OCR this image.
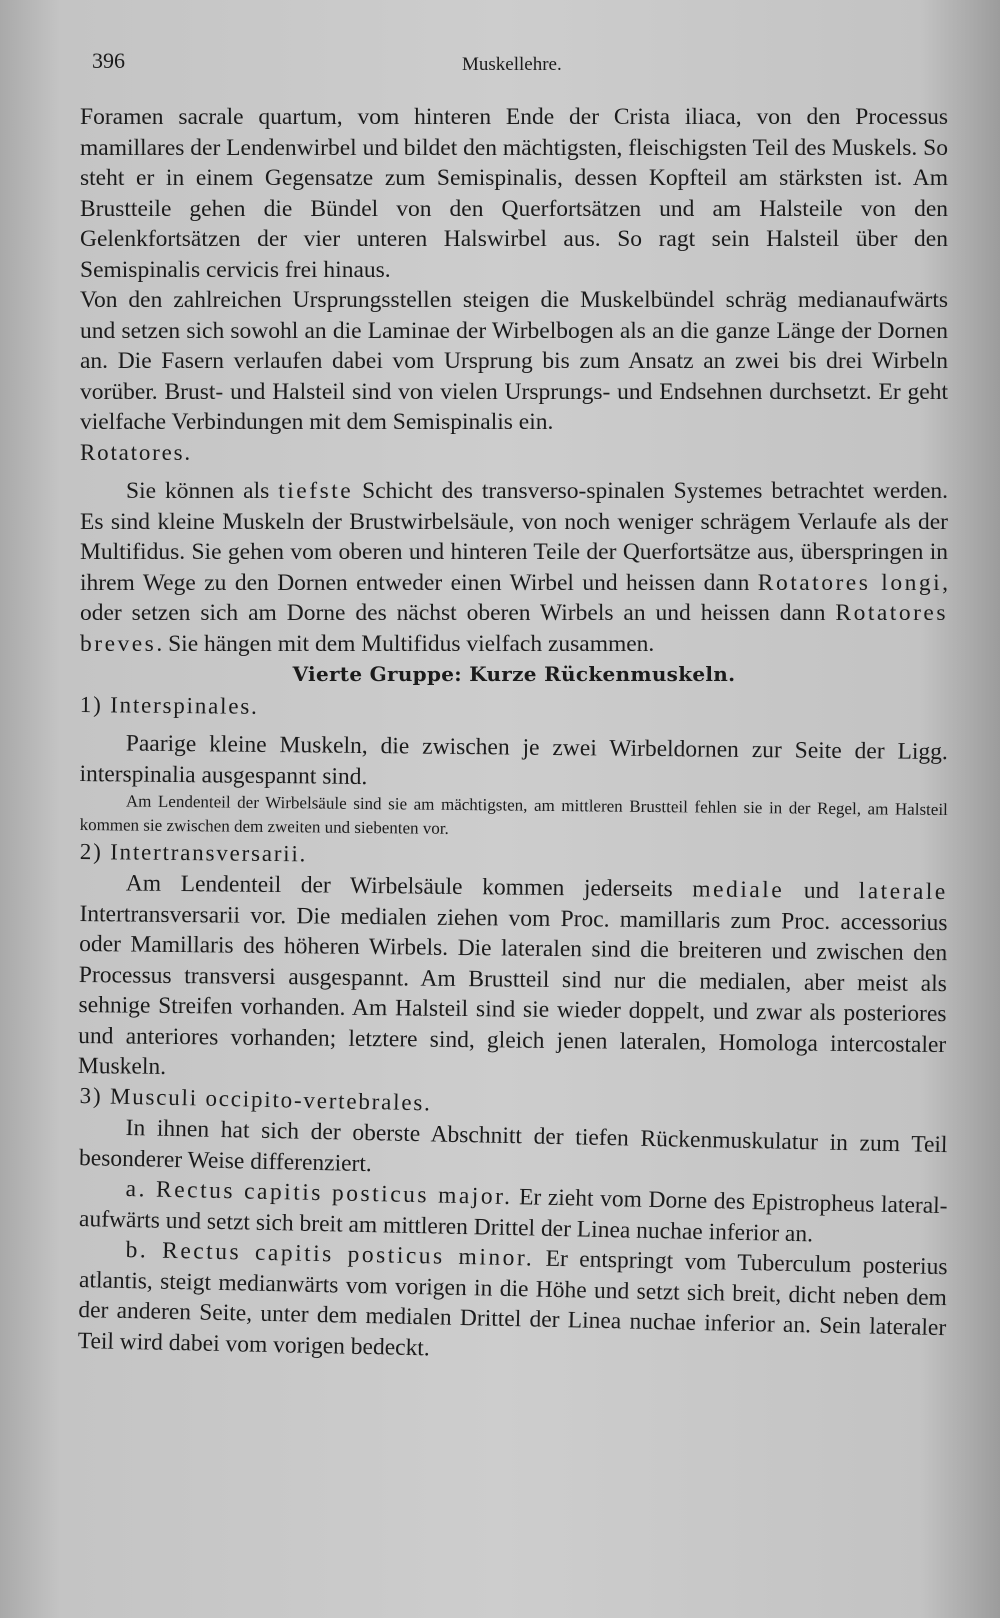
396	Muskellehre.

Foramen sacrale quartum, vom hinteren Ende der Crista iliaca, von den Processus mamillares der Lendenwirbel und bildet den mächtigsten, fleischigsten Teil des Muskels. So steht er in einem Gegensatze zum Semispinalis, dessen Kopfteil am stärksten ist. Am Brustteile gehen die Bündel von den Querfortsätzen und am Halsteile von den Gelenkfortsätzen der vier unteren Halswirbel aus. So ragt sein Halsteil über den Semispinalis cervicis frei hinaus.

Von den zahlreichen Ursprungsstellen steigen die Muskelbündel schräg medianaufwärts und setzen sich sowohl an die Laminae der Wirbelbogen als an die ganze Länge der Dornen an. Die Fasern verlaufen dabei vom Ursprung bis zum Ansatz an zwei bis drei Wirbeln vorüber. Brust- und Halsteil sind von vielen Ursprungs- und Endsehnen durchsetzt. Er geht vielfache Verbindungen mit dem Semispinalis ein.

Rotatores.

Sie können als tiefste Schicht des transverso-spinalen Systemes betrachtet werden. Es sind kleine Muskeln der Brustwirbelsäule, von noch weniger schrägem Verlaufe als der Multifidus. Sie gehen vom oberen und hinteren Teile der Querfortsätze aus, überspringen in ihrem Wege zu den Dornen entweder einen Wirbel und heissen dann Rotatores longi, oder setzen sich am Dorne des nächst oberen Wirbels an und heissen dann Rotatores breves. Sie hängen mit dem Multifidus vielfach zusammen.

Vierte Gruppe: Kurze Rückenmuskeln.

1) Interspinales.

Paarige kleine Muskeln, die zwischen je zwei Wirbeldornen zur Seite der Ligg. interspinalia ausgespannt sind.

Am Lendenteil der Wirbelsäule sind sie am mächtigsten, am mittleren Brustteil fehlen sie in der Regel, am Halsteil kommen sie zwischen dem zweiten und siebenten vor.

2) Intertransversarii.

Am Lendenteil der Wirbelsäule kommen jederseits mediale und laterale Intertransversarii vor. Die medialen ziehen vom Proc. mamillaris zum Proc. accessorius oder Mamillaris des höheren Wirbels. Die lateralen sind die breiteren und zwischen den Processus transversi ausgespannt. Am Brustteil sind nur die medialen, aber meist als sehnige Streifen vorhanden. Am Halsteil sind sie wieder doppelt, und zwar als posteriores und anteriores vorhanden; letztere sind, gleich jenen lateralen, Homologa intercostaler Muskeln.

3) Musculi occipito-vertebrales.

In ihnen hat sich der oberste Abschnitt der tiefen Rückenmuskulatur in zum Teil besonderer Weise differenziert.

a. Rectus capitis posticus major. Er zieht vom Dorne des Epistropheus lateral-aufwärts und setzt sich breit am mittleren Drittel der Linea nuchae inferior an.

b. Rectus capitis posticus minor. Er entspringt vom Tuberculum posterius atlantis, steigt medianwärts vom vorigen in die Höhe und setzt sich breit, dicht neben dem der anderen Seite, unter dem medialen Drittel der Linea nuchae inferior an. Sein lateraler Teil wird dabei vom vorigen bedeckt.
